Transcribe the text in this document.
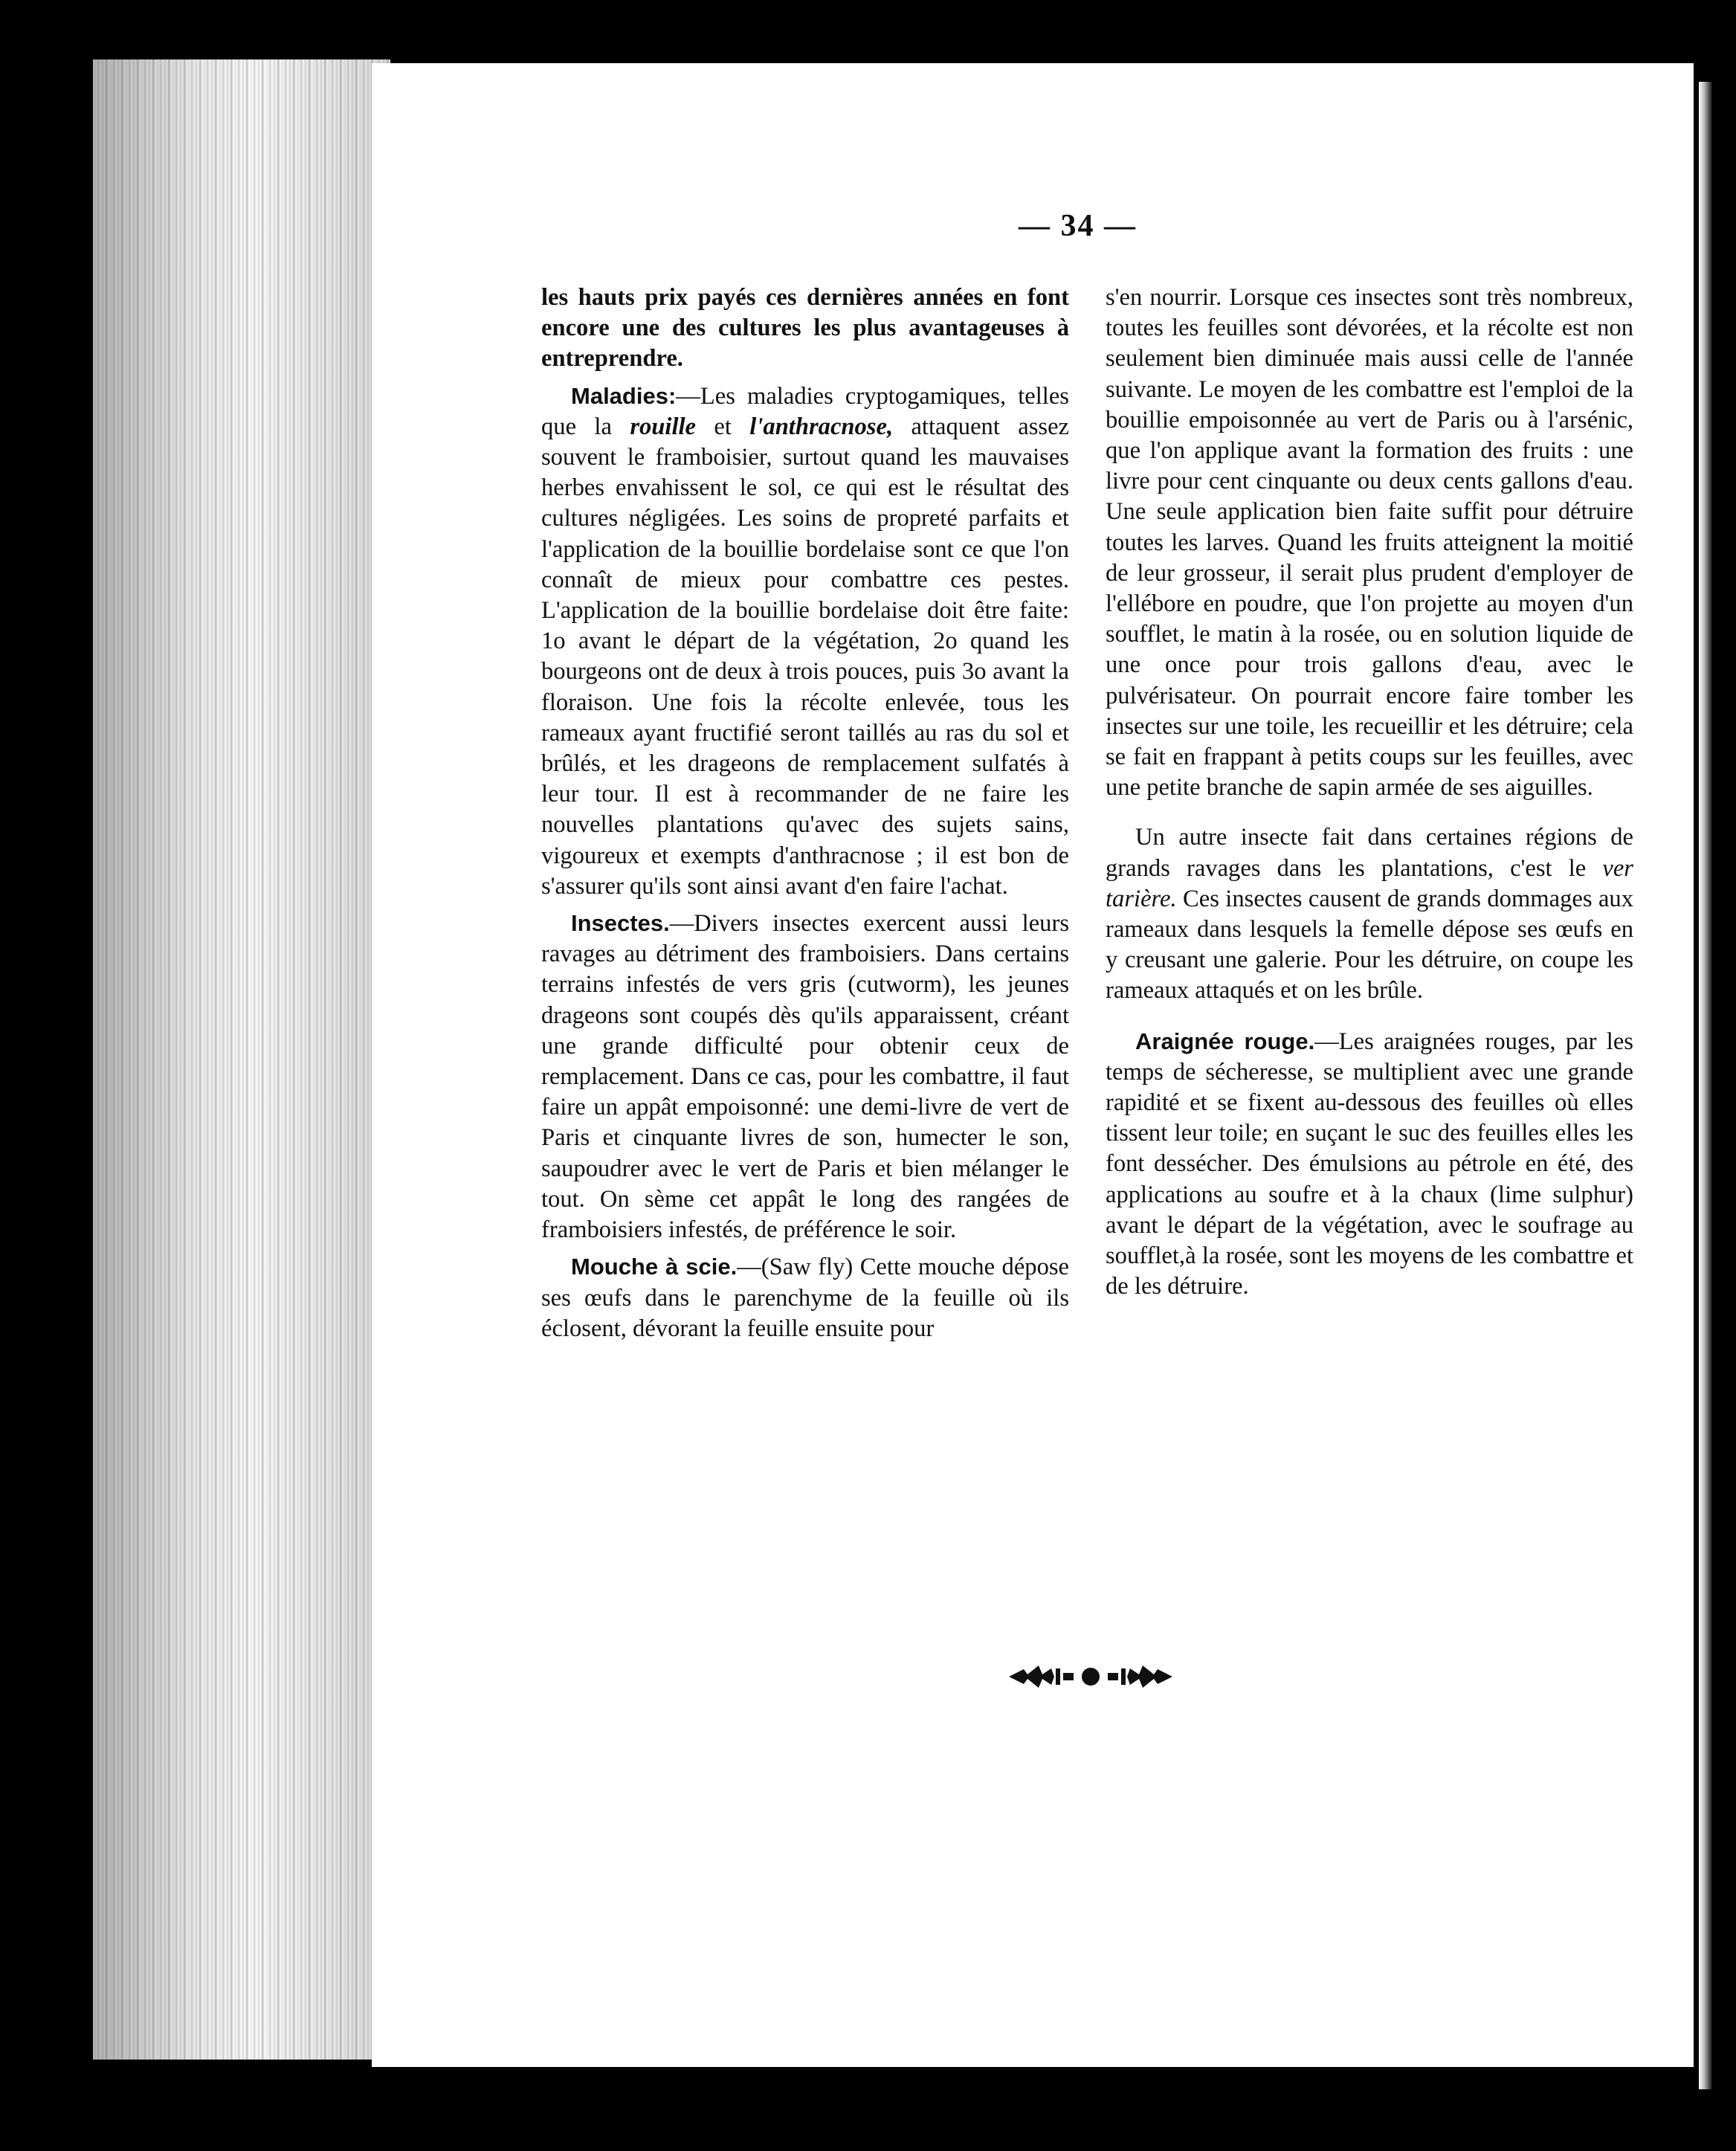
— 34 —

les hauts prix payés ces dernières années en font encore une des cultures les plus avantageuses à entreprendre.

Maladies:—Les maladies cryptogamiques, telles que la rouille et l'anthracnose, attaquent assez souvent le framboisier, surtout quand les mauvaises herbes envahissent le sol, ce qui est le résultat des cultures négligées. Les soins de propreté parfaits et l'application de la bouillie bordelaise sont ce que l'on connaît de mieux pour combattre ces pestes. L'application de la bouillie bordelaise doit être faite: 1o avant le départ de la végétation, 2o quand les bourgeons ont de deux à trois pouces, puis 3o avant la floraison. Une fois la récolte enlevée, tous les rameaux ayant fructifié seront taillés au ras du sol et brûlés, et les drageons de remplacement sulfatés à leur tour. Il est à recommander de ne faire les nouvelles plantations qu'avec des sujets sains, vigoureux et exempts d'anthracnose ; il est bon de s'assurer qu'ils sont ainsi avant d'en faire l'achat.

Insectes.—Divers insectes exercent aussi leurs ravages au détriment des framboisiers. Dans certains terrains infestés de vers gris (cutworm), les jeunes drageons sont coupés dès qu'ils apparaissent, créant une grande difficulté pour obtenir ceux de remplacement. Dans ce cas, pour les combattre, il faut faire un appât empoisonné: une demi-livre de vert de Paris et cinquante livres de son, humecter le son, saupoudrer avec le vert de Paris et bien mélanger le tout. On sème cet appât le long des rangées de framboisiers infestés, de préférence le soir.

Mouche à scie.—(Saw fly) Cette mouche dépose ses œufs dans le parenchyme de la feuille où ils éclosent, dévorant la feuille ensuite pour

s'en nourrir. Lorsque ces insectes sont très nombreux, toutes les feuilles sont dévorées, et la récolte est non seulement bien diminuée mais aussi celle de l'année suivante. Le moyen de les combattre est l'emploi de la bouillie empoisonnée au vert de Paris ou à l'arsénic, que l'on applique avant la formation des fruits : une livre pour cent cinquante ou deux cents gallons d'eau. Une seule application bien faite suffit pour détruire toutes les larves. Quand les fruits atteignent la moitié de leur grosseur, il serait plus prudent d'employer de l'ellébore en poudre, que l'on projette au moyen d'un soufflet, le matin à la rosée, ou en solution liquide de une once pour trois gallons d'eau, avec le pulvérisateur. On pourrait encore faire tomber les insectes sur une toile, les recueillir et les détruire; cela se fait en frappant à petits coups sur les feuilles, avec une petite branche de sapin armée de ses aiguilles.

Un autre insecte fait dans certaines régions de grands ravages dans les plantations, c'est le ver tarière. Ces insectes causent de grands dommages aux rameaux dans lesquels la femelle dépose ses œufs en y creusant une galerie. Pour les détruire, on coupe les rameaux attaqués et on les brûle.

Araignée rouge.—Les araignées rouges, par les temps de sécheresse, se multiplient avec une grande rapidité et se fixent au-dessous des feuilles où elles tissent leur toile; en suçant le suc des feuilles elles les font dessécher. Des émulsions au pétrole en été, des applications au soufre et à la chaux (lime sulphur) avant le départ de la végétation, avec le soufrage au soufflet,à la rosée, sont les moyens de les combattre et de les détruire.
